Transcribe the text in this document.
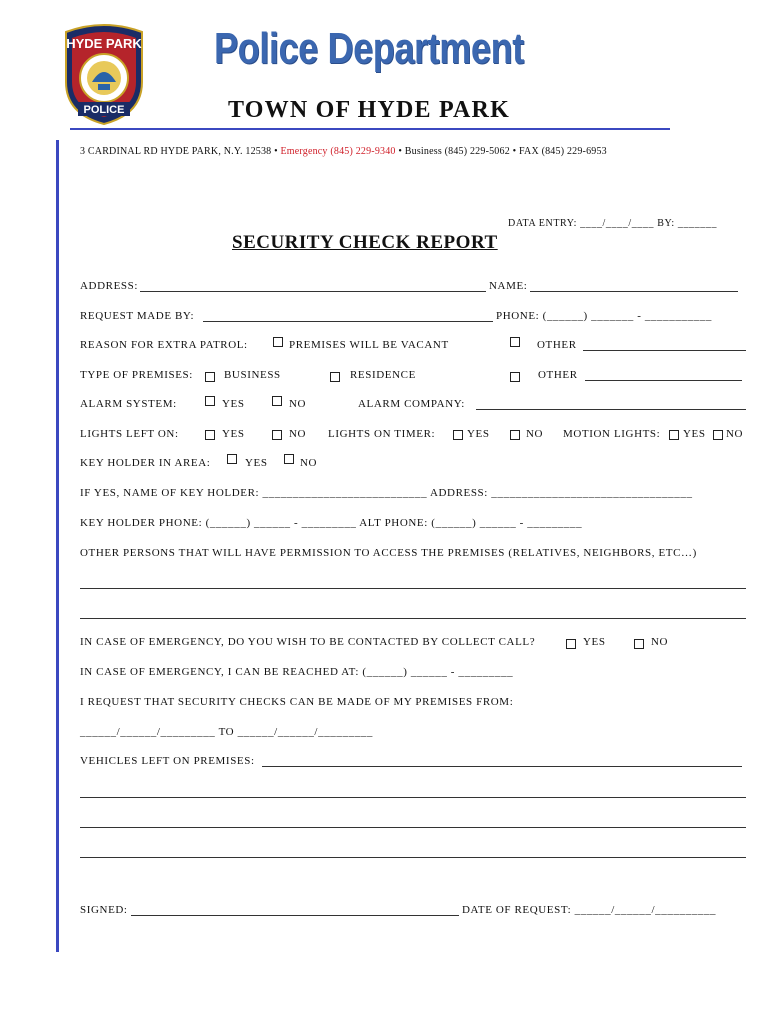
HYDE PARK
POLICE
Police Department
TOWN OF HYDE PARK
3 CARDINAL RD HYDE PARK, N.Y. 12538 • Emergency (845) 229-9340 • Business (845) 229-5062 • FAX (845) 229-6953
DATA ENTRY: ____/____/____ BY: _______
SECURITY CHECK REPORT
ADDRESS:	NAME:
REQUEST MADE BY:	PHONE: (______) _______ - ___________
REASON FOR EXTRA PATROL:	PREMISES WILL BE VACANT	OTHER
TYPE OF PREMISES:	BUSINESS	RESIDENCE	OTHER
ALARM SYSTEM:	YES	NO	ALARM COMPANY:
LIGHTS LEFT ON:	YES	NO LIGHTS ON TIMER:	YES	NO MOTION LIGHTS: YES NO
KEY HOLDER IN AREA:	YES	NO
IF YES, NAME OF KEY HOLDER: ___________________________ ADDRESS: _________________________________
KEY HOLDER PHONE: (______) ______ - _________ ALT PHONE: (______) ______ - _________
OTHER PERSONS THAT WILL HAVE PERMISSION TO ACCESS THE PREMISES (RELATIVES, NEIGHBORS, ETC…)
IN CASE OF EMERGENCY, DO YOU WISH TO BE CONTACTED BY COLLECT CALL?	YES	NO
IN CASE OF EMERGENCY, I CAN BE REACHED AT: (______) ______ - _________
I REQUEST THAT SECURITY CHECKS CAN BE MADE OF MY PREMISES FROM:
______/______/_________ TO ______/______/_________
VEHICLES LEFT ON PREMISES:
SIGNED:	DATE OF REQUEST: ______/______/__________
